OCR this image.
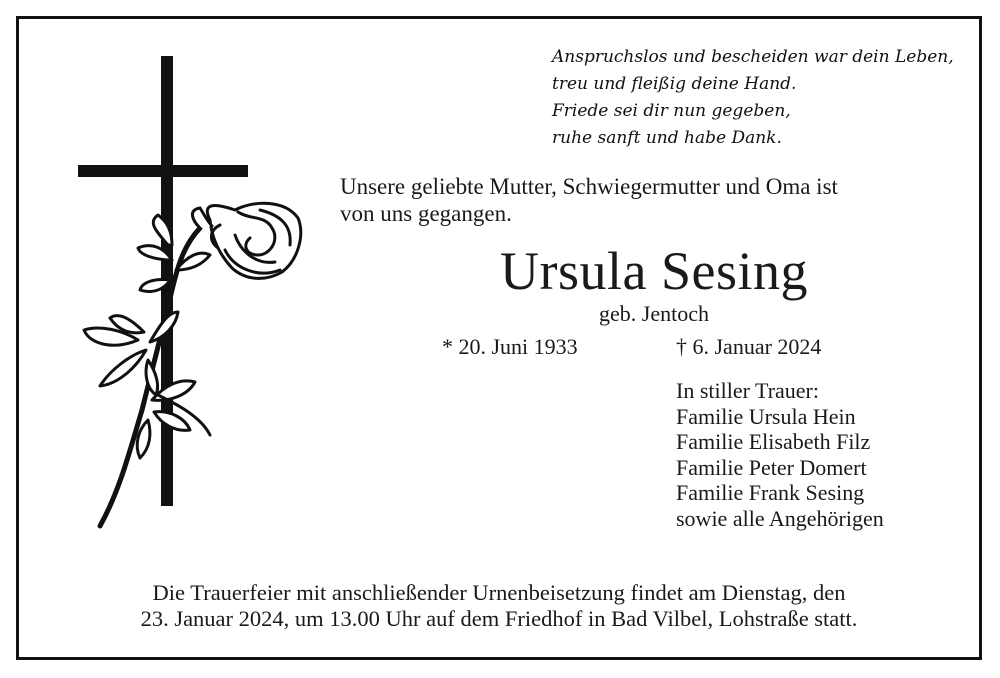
Anspruchslos und bescheiden war dein Leben,
treu und fleißig deine Hand.
Friede sei dir nun gegeben,
ruhe sanft und habe Dank.
Unsere geliebte Mutter, Schwiegermutter und Oma ist
von uns gegangen.
Ursula Sesing
geb. Jentoch
* 20. Juni 1933	† 6. Januar 2024
In stiller Trauer:
Familie Ursula Hein
Familie Elisabeth Filz
Familie Peter Domert
Familie Frank Sesing
sowie alle Angehörigen
Die Trauerfeier mit anschließender Urnenbeisetzung findet am Dienstag, den
23. Januar 2024, um 13.00 Uhr auf dem Friedhof in Bad Vilbel, Lohstraße statt.
